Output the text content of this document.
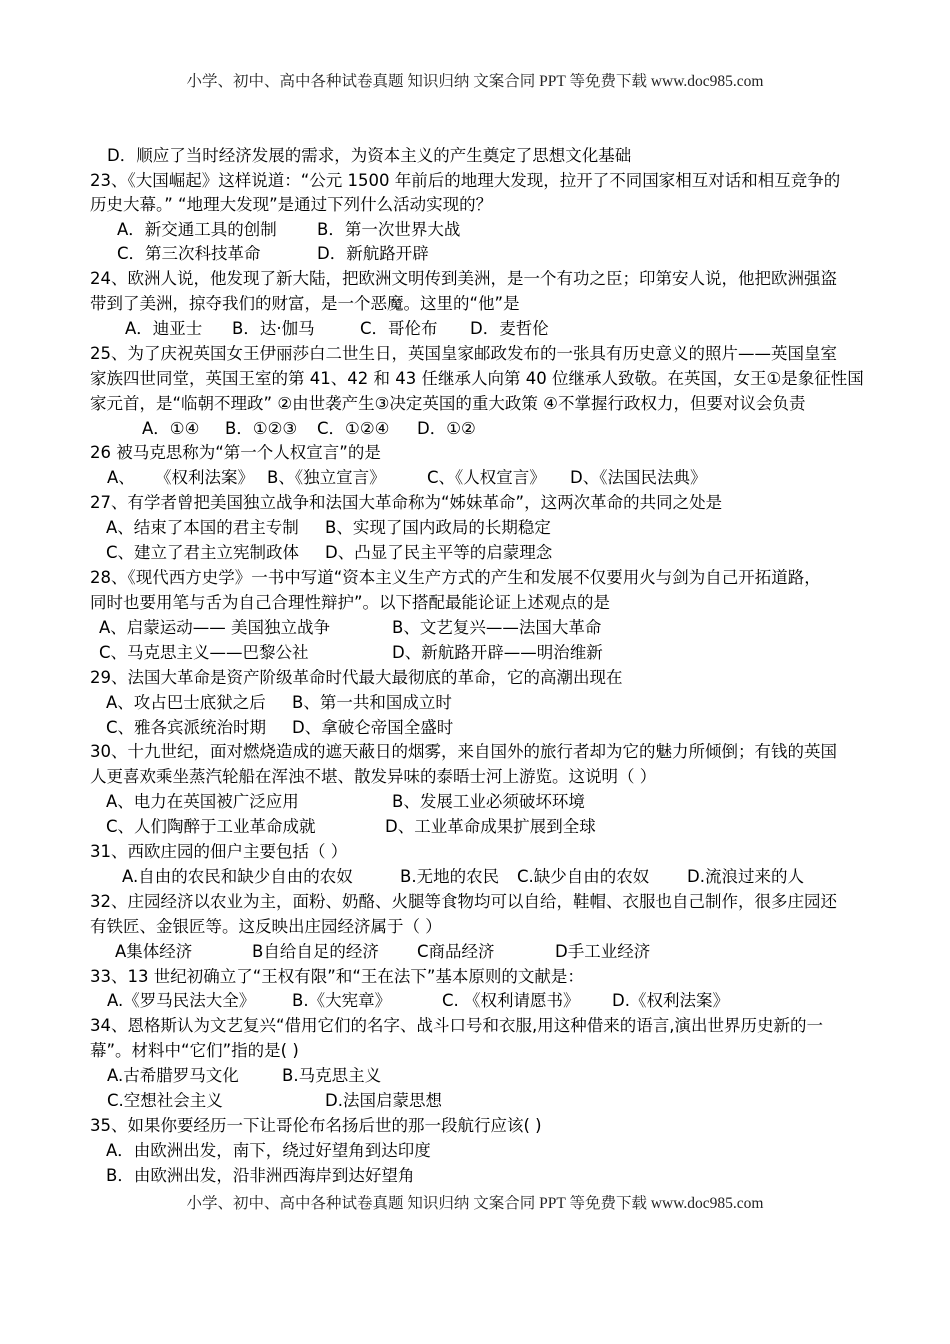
小学、初中、高中各种试卷真题 知识归纳 文案合同 PPT 等免费下载 www.doc985.com
D．顺应了当时经济发展的需求，为资本主义的产生奠定了思想文化基础
23、《大国崛起》这样说道：“公元 1500 年前后的地理大发现，拉开了不同国家相互对话和相互竞争的
历史大幕。” “地理大发现”是通过下列什么活动实现的？
A．新交通工具的创制 B．第一次世界大战
C．第三次科技革命	D．新航路开辟
24、欧洲人说，他发现了新大陆，把欧洲文明传到美洲，是一个有功之臣；印第安人说，他把欧洲强盗
带到了美洲，掠夺我们的财富，是一个恶魔。这里的“他”是
A．迪亚士 B．达·伽马	C．哥伦布 D．麦哲伦
25、为了庆祝英国女王伊丽莎白二世生日，英国皇家邮政发布的一张具有历史意义的照片——英国皇室
家族四世同堂，英国王室的第 41、42 和 43 任继承人向第 40 位继承人致敬。在英国，女王①是象征性国
家元首，是“临朝不理政” ②由世袭产生③决定英国的重大政策 ④不掌握行政权力，但要对议会负责
A．①④ B．①②③ C．①②④ D．①②
26 被马克思称为“第一个人权宣言”的是
A、 《权利法案》 B、《独立宣言》	C、《人权宣言》 D、《法国民法典》
27、有学者曾把美国独立战争和法国大革命称为“姊妹革命”，这两次革命的共同之处是
A、结束了本国的君主专制 B、实现了国内政局的长期稳定
C、建立了君主立宪制政体 D、凸显了民主平等的启蒙理念
28、《现代西方史学》一书中写道“资本主义生产方式的产生和发展不仅要用火与剑为自己开拓道路，
同时也要用笔与舌为自己合理性辩护”。以下搭配最能论证上述观点的是
A、启蒙运动—— 美国独立战争	B、文艺复兴——法国大革命
C、马克思主义——巴黎公社	D、新航路开辟——明治维新
29、法国大革命是资产阶级革命时代最大最彻底的革命，它的高潮出现在
A、攻占巴士底狱之后 B、第一共和国成立时
C、雅各宾派统治时期 D、拿破仑帝国全盛时
30、十九世纪，面对燃烧造成的遮天蔽日的烟雾，来自国外的旅行者却为它的魅力所倾倒；有钱的英国
人更喜欢乘坐蒸汽轮船在浑浊不堪、散发异味的泰晤士河上游览。这说明（ ）
A、电力在英国被广泛应用	B、发展工业必须破坏环境
C、人们陶醉于工业革命成就	D、工业革命成果扩展到全球
31、西欧庄园的佃户主要包括（ ）
A.自由的农民和缺少自由的农奴	B.无地的农民 C.缺少自由的农奴 D.流浪过来的人
32、庄园经济以农业为主，面粉、奶酪、火腿等食物均可以自给，鞋帽、衣服也自己制作，很多庄园还
有铁匠、金银匠等。这反映出庄园经济属于（ ）
A集体经济	B自给自足的经济 C商品经济	D手工业经济
33、13 世纪初确立了“王权有限”和“王在法下”基本原则的文献是：
A.《罗马民法大全》 B.《大宪章》	C. 《权利请愿书》 D.《权利法案》
34、恩格斯认为文艺复兴“借用它们的名字、战斗口号和衣服,用这种借来的语言,演出世界历史新的一
幕”。材料中“它们”指的是( )
A.古希腊罗马文化	B.马克思主义
C.空想社会主义	D.法国启蒙思想
35、如果你要经历一下让哥伦布名扬后世的那一段航行应该( )
A．由欧洲出发，南下，绕过好望角到达印度
B．由欧洲出发，沿非洲西海岸到达好望角
小学、初中、高中各种试卷真题 知识归纳 文案合同 PPT 等免费下载 www.doc985.com
